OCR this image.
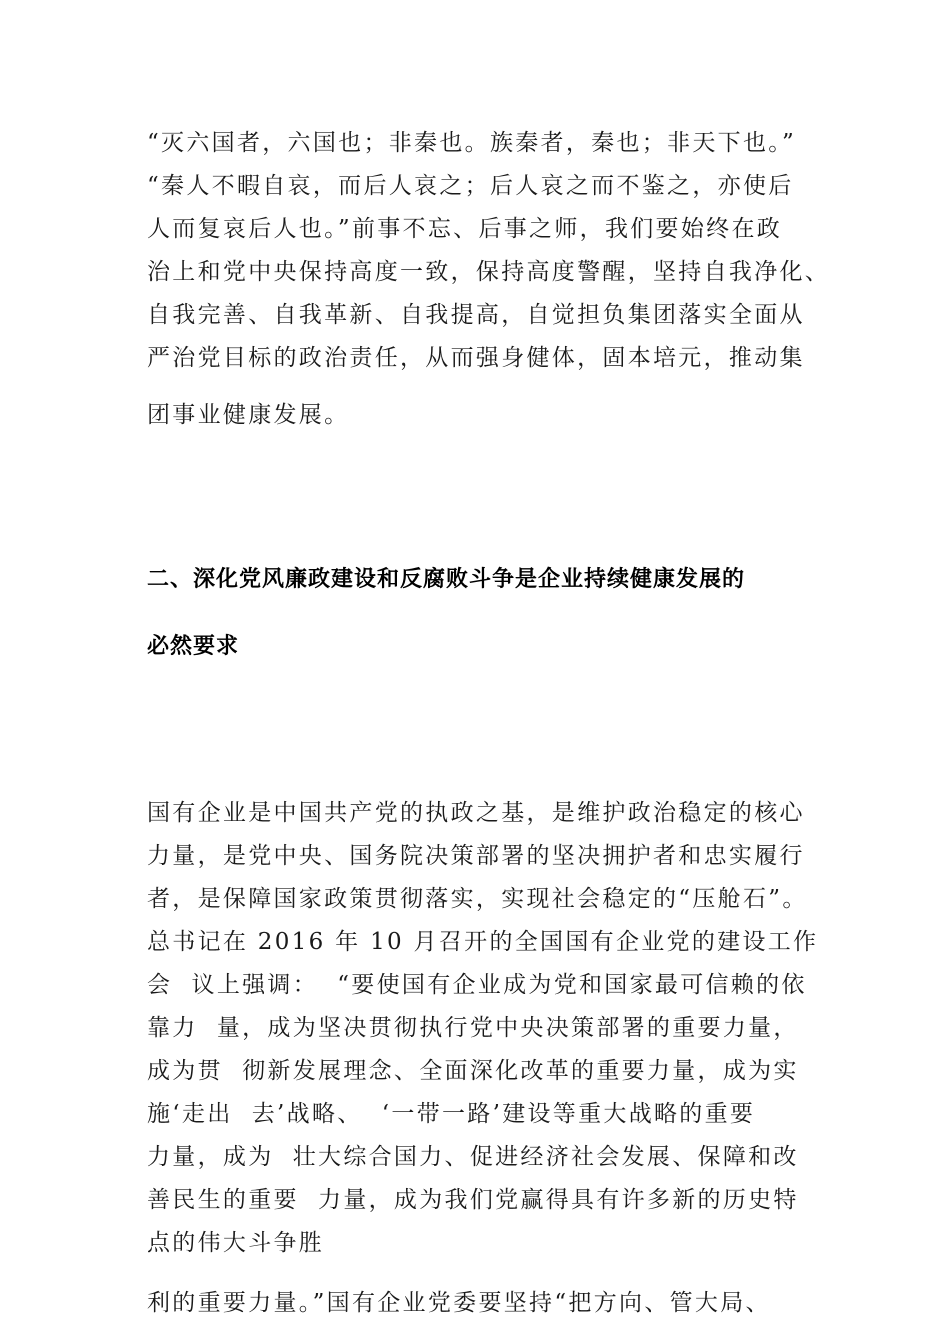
“灭六国者，六国也；非秦也。族秦者，秦也；非天下也。”
“秦人不暇自哀，而后人哀之；后人哀之而不鉴之，亦使后
人而复哀后人也。”前事不忘、后事之师，我们要始终在政
治上和党中央保持高度一致，保持高度警醒，坚持自我净化、
自我完善、自我革新、自我提高，自觉担负集团落实全面从
严治党目标的政治责任，从而强身健体，固本培元，推动集
团事业健康发展。
二、深化党风廉政建设和反腐败斗争是企业持续健康发展的
必然要求
国有企业是中国共产党的执政之基，是维护政治稳定的核心
力量，是党中央、国务院决策部署的坚决拥护者和忠实履行
者，是保障国家政策贯彻落实，实现社会稳定的“压舱石”。
总书记在 2016 年 10 月召开的全国国有企业党的建设工作
会  议上强调：  “要使国有企业成为党和国家最可信赖的依
靠力  量，成为坚决贯彻执行党中央决策部署的重要力量，
成为贯  彻新发展理念、全面深化改革的重要力量，成为实
施‘走出  去’战略、  ‘一带一路’建设等重大战略的重要
力量，成为  壮大综合国力、促进经济社会发展、保障和改
善民生的重要  力量，成为我们党赢得具有许多新的历史特
点的伟大斗争胜
利的重要力量。”国有企业党委要坚持“把方向、管大局、
